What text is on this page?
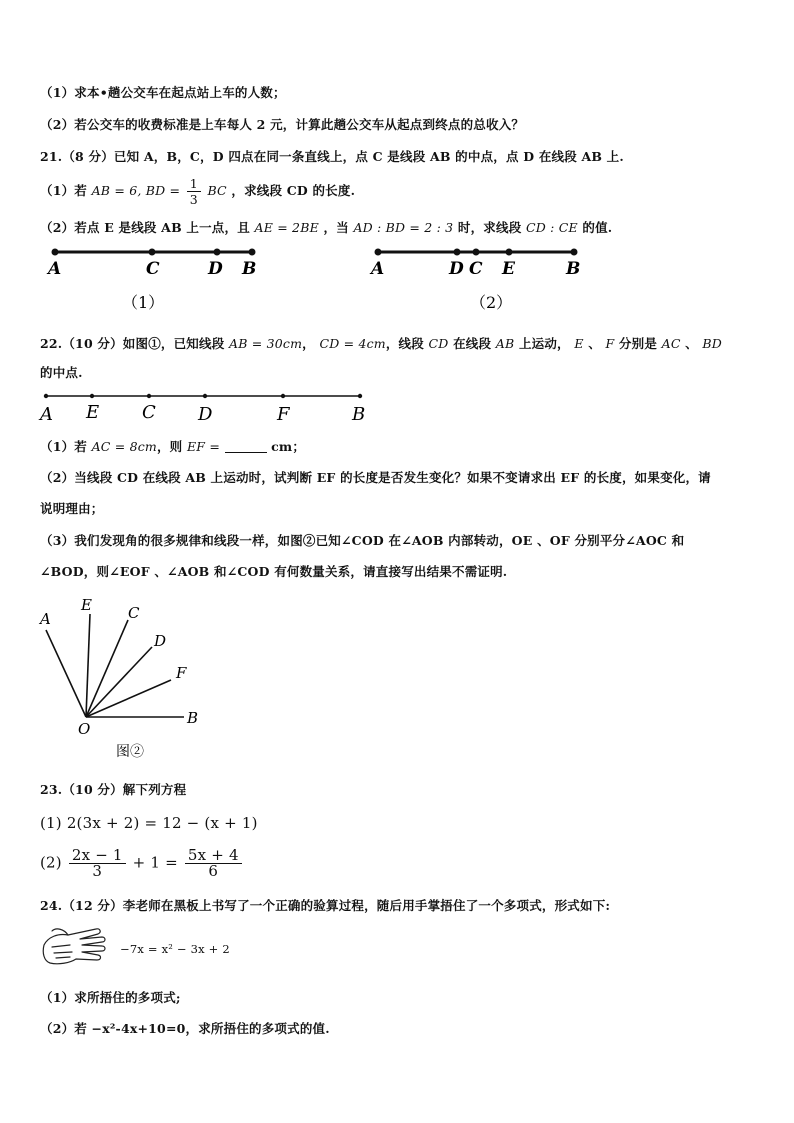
（1）求本•趟公交车在起点站上车的人数；
（2）若公交车的收费标准是上车每人 2 元，计算此趟公交车从起点到终点的总收入？
21.（8 分）已知 A，B，C，D 四点在同一条直线上，点 C 是线段 AB 的中点，点 D 在线段 AB 上.
（1）若 AB = 6, BD = $\frac{1}{3}$ BC ，求线段 CD 的长度.
（2）若点 E 是线段 AB 上一点，且 AE = 2BE ，当 AD : BD = 2 : 3 时，求线段 CD : CE 的值.
A	C	D B
（1）
A	D C E	B
（2）
22.（10 分）如图①，已知线段 AB = 30cm， CD = 4cm，线段 CD 在线段 AB 上运动， E 、 F 分别是 AC 、 BD
的中点.
A E C D	F	B
（1）若 AC = 8cm，则 EF =	cm；
（2）当线段 CD 在线段 AB 上运动时，试判断 EF 的长度是否发生变化？如果不变请求出 EF 的长度，如果变化，请
说明理由；
（3）我们发现角的很多规律和线段一样，如图②已知∠COD 在∠AOB 内部转动，OE 、OF 分别平分∠AOC 和
∠BOD，则∠EOF 、∠AOB 和∠COD 有何数量关系，请直接写出结果不需证明.
A
E C
D
F
B
O
图②
23.（10 分）解下列方程
(1) 2(3x + 2) = 12 − (x + 1)
$(2) \frac{2x - 1}{3} + 1 = \frac{5x + 4}{6}$
24.（12 分）李老师在黑板上书写了一个正确的验算过程，随后用手掌捂住了一个多项式，形式如下:
−7x = x² − 3x + 2
（1）求所捂住的多项式;
（2）若 −x²-4x+10=0，求所捂住的多项式的值.
